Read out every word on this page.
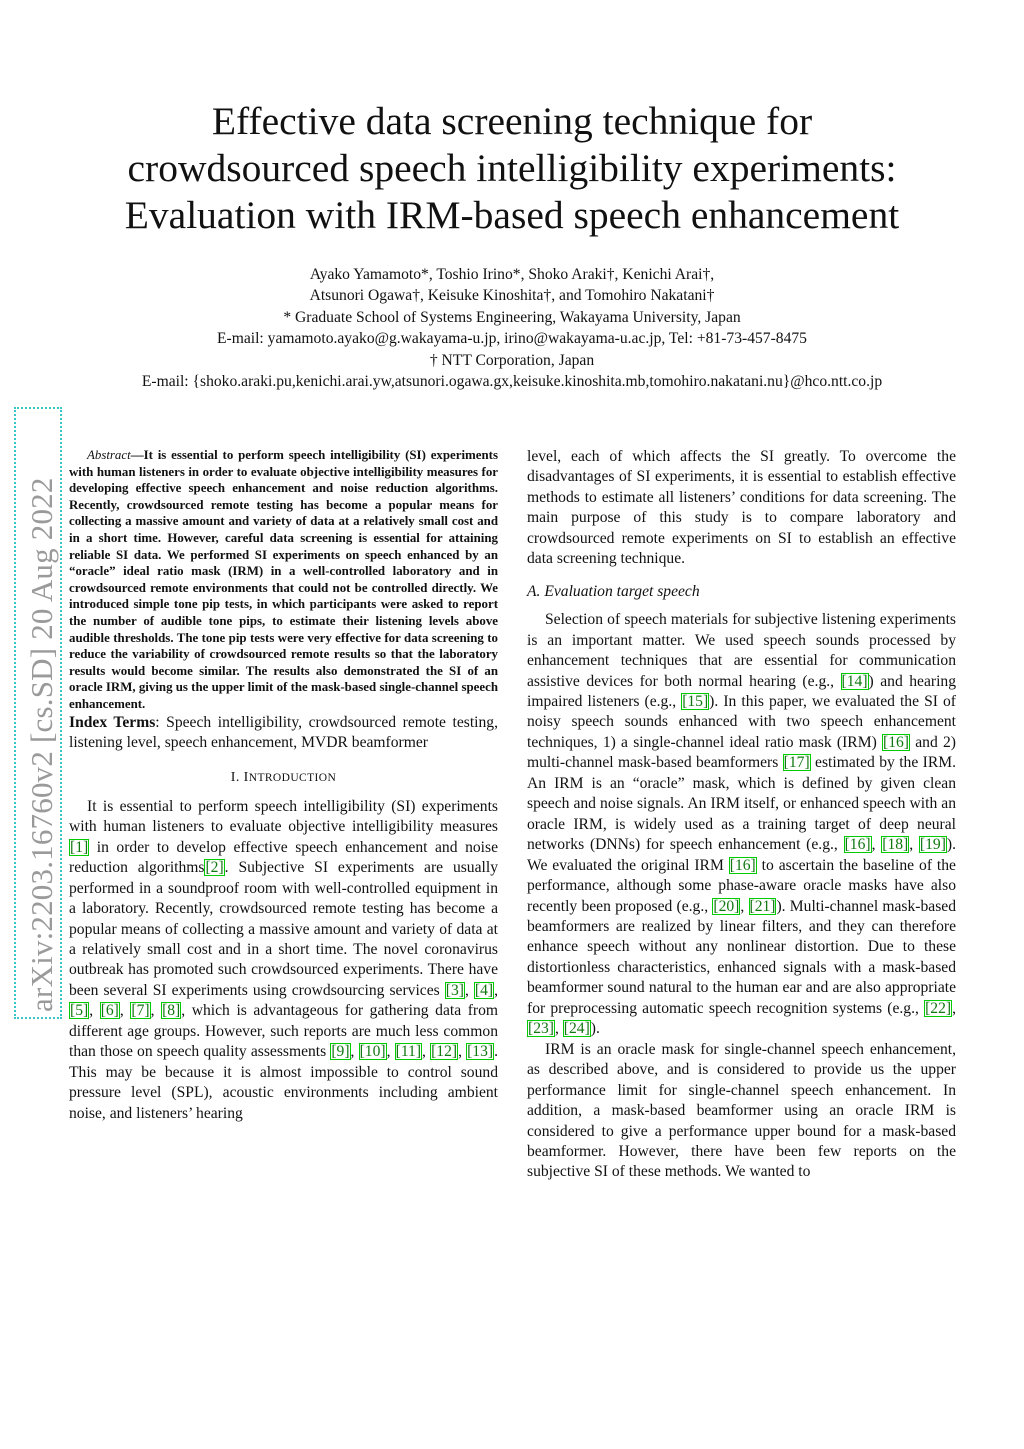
arXiv:2203.16760v2 [cs.SD] 20 Aug 2022
Effective data screening technique for
crowdsourced speech intelligibility experiments:
Evaluation with IRM-based speech enhancement
Ayako Yamamoto*, Toshio Irino*, Shoko Araki†, Kenichi Arai†,
Atsunori Ogawa†, Keisuke Kinoshita†, and Tomohiro Nakatani†
* Graduate School of Systems Engineering, Wakayama University, Japan
E-mail: yamamoto.ayako@g.wakayama-u.jp, irino@wakayama-u.ac.jp, Tel: +81-73-457-8475
† NTT Corporation, Japan
E-mail: {shoko.araki.pu,kenichi.arai.yw,atsunori.ogawa.gx,keisuke.kinoshita.mb,tomohiro.nakatani.nu}@hco.ntt.co.jp

Abstract—It is essential to perform speech intelligibility (SI) experiments with human listeners in order to evaluate objective intelligibility measures for developing effective speech enhancement and noise reduction algorithms. Recently, crowdsourced remote testing has become a popular means for collecting a massive amount and variety of data at a relatively small cost and in a short time. However, careful data screening is essential for attaining reliable SI data. We performed SI experiments on speech enhanced by an “oracle” ideal ratio mask (IRM) in a well-controlled laboratory and in crowdsourced remote environments that could not be controlled directly. We introduced simple tone pip tests, in which participants were asked to report the number of audible tone pips, to estimate their listening levels above audible thresholds. The tone pip tests were very effective for data screening to reduce the variability of crowdsourced remote results so that the laboratory results would become similar. The results also demonstrated the SI of an oracle IRM, giving us the upper limit of the mask-based single-channel speech enhancement.

Index Terms: Speech intelligibility, crowdsourced remote testing, listening level, speech enhancement, MVDR beamformer

I. INTRODUCTION

It is essential to perform speech intelligibility (SI) experiments with human listeners to evaluate objective intelligibility measures [1] in order to develop effective speech enhancement and noise reduction algorithms[2]. Subjective SI experiments are usually performed in a soundproof room with well-controlled equipment in a laboratory. Recently, crowdsourced remote testing has become a popular means of collecting a massive amount and variety of data at a relatively small cost and in a short time. The novel coronavirus outbreak has promoted such crowdsourced experiments. There have been several SI experiments using crowdsourcing services [3], [4], [5], [6], [7], [8], which is advantageous for gathering data from different age groups. However, such reports are much less common than those on speech quality assessments [9], [10], [11], [12], [13]. This may be because it is almost impossible to control sound pressure level (SPL), acoustic environments including ambient noise, and listeners’ hearing

level, each of which affects the SI greatly. To overcome the disadvantages of SI experiments, it is essential to establish effective methods to estimate all listeners’ conditions for data screening. The main purpose of this study is to compare laboratory and crowdsourced remote experiments on SI to establish an effective data screening technique.

A. Evaluation target speech

Selection of speech materials for subjective listening experiments is an important matter. We used speech sounds processed by enhancement techniques that are essential for communication assistive devices for both normal hearing (e.g., [14]) and hearing impaired listeners (e.g., [15]). In this paper, we evaluated the SI of noisy speech sounds enhanced with two speech enhancement techniques, 1) a single-channel ideal ratio mask (IRM) [16] and 2) multi-channel mask-based beamformers [17] estimated by the IRM. An IRM is an “oracle” mask, which is defined by given clean speech and noise signals. An IRM itself, or enhanced speech with an oracle IRM, is widely used as a training target of deep neural networks (DNNs) for speech enhancement (e.g., [16], [18], [19]). We evaluated the original IRM [16] to ascertain the baseline of the performance, although some phase-aware oracle masks have also recently been proposed (e.g., [20], [21]). Multi-channel mask-based beamformers are realized by linear filters, and they can therefore enhance speech without any nonlinear distortion. Due to these distortionless characteristics, enhanced signals with a mask-based beamformer sound natural to the human ear and are also appropriate for preprocessing automatic speech recognition systems (e.g., [22], [23], [24]).

IRM is an oracle mask for single-channel speech enhancement, as described above, and is considered to provide us the upper performance limit for single-channel speech enhancement. In addition, a mask-based beamformer using an oracle IRM is considered to give a performance upper bound for a mask-based beamformer. However, there have been few reports on the subjective SI of these methods. We wanted to
